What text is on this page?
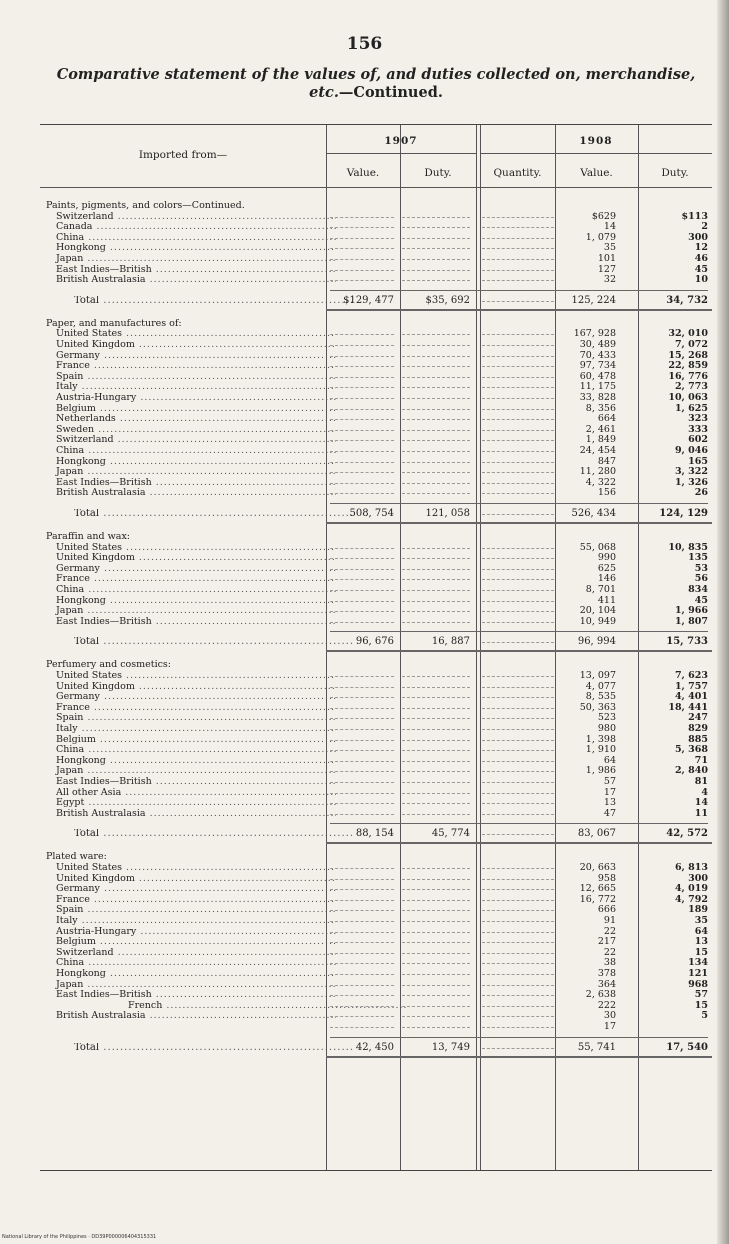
156
Comparative statement of the values of, and duties collected on, merchandise,
etc.—Continued.
Imported from—
1907	1908
Value.	Duty.	Quantity.	Value.	Duty.
Paints, pigments, and colors—Continued.
Switzerland .....	$629	$113
Canada .....	14	2
China .....	1, 079	300
Hongkong .....	35	12
Japan .....	101	46
East Indies—British .....	127	45
British Australasia .....	32	10
Total .....	$129, 477	$35, 692	125, 224	34, 732
Paper, and manufactures of:
United States .....	167, 928	32, 010
United Kingdom .....	30, 489	7, 072
Germany .....	70, 433	15, 268
France .....	97, 734	22, 859
Spain .....	60, 478	16, 776
Italy .....	11, 175	2, 773
Austria-Hungary .....	33, 828	10, 063
Belgium .....	8, 356	1, 625
Netherlands .....	664	323
Sweden .....	2, 461	333
Switzerland .....	1, 849	602
China .....	24, 454	9, 046
Hongkong .....	847	165
Japan .....	11, 280	3, 322
East Indies—British .....	4, 322	1, 326
British Australasia .....	156	26
Total .....	508, 754	121, 058	526, 434	124, 129
Paraffin and wax:
United States .....	55, 068	10, 835
United Kingdom .....	990	135
Germany .....	625	53
France .....	146	56
China .....	8, 701	834
Hongkong .....	411	45
Japan .....	20, 104	1, 966
East Indies—British .....	10, 949	1, 807
Total .....	96, 676	16, 887	96, 994	15, 733
Perfumery and cosmetics:
United States .....	13, 097	7, 623
United Kingdom .....	4, 077	1, 757
Germany .....	8, 535	4, 401
France .....	50, 363	18, 441
Spain .....	523	247
Italy .....	980	829
Belgium .....	1, 398	885
China .....	1, 910	5, 368
Hongkong .....	64	71
Japan .....	1, 986	2, 840
East Indies—British .....	57	81
All other Asia .....	17	4
Egypt .....	13	14
British Australasia .....	47	11
Total .....	88, 154	45, 774	83, 067	42, 572
Plated ware:
United States .....	20, 663	6, 813
United Kingdom .....	958	300
Germany .....	12, 665	4, 019
France .....	16, 772	4, 792
Spain .....	666	189
Italy .....	91	35
Austria-Hungary .....	22	64
Belgium .....	217	13
Switzerland .....	22	15
China .....	38	134
Hongkong .....	378	121
Japan .....	364	968
East Indies—British .....	2, 638	57
French .....	222	15
British Australasia .....	30	5
17
Total .....	42, 450	13, 749	55, 741	17, 540
National Library of the Philippines · DD39P000006404315331
